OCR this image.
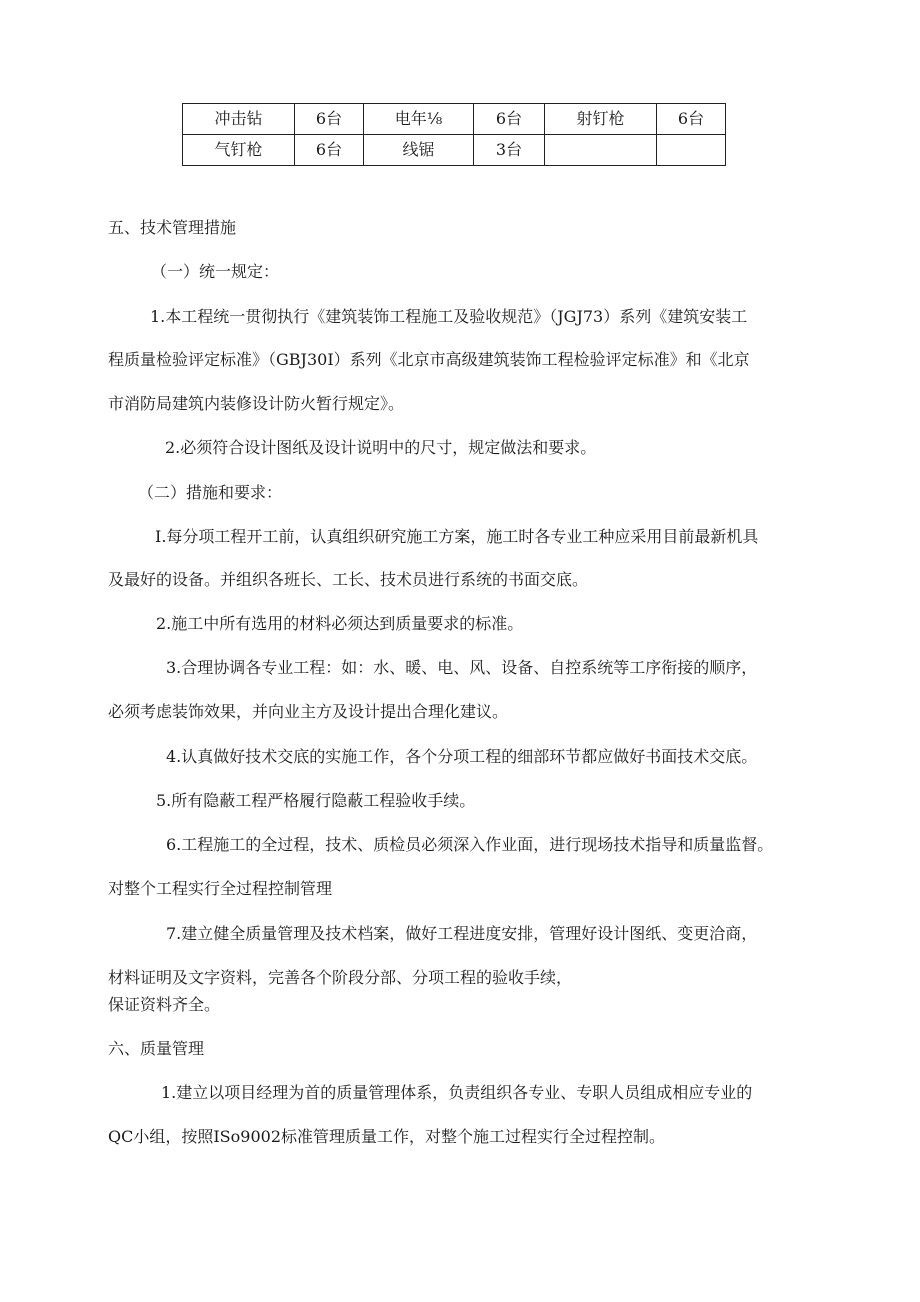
冲击钻	6台	电年⅛	6台	射钉枪	6台
气钉枪	6台	线锯	3台		

五、技术管理措施

（一）统一规定：

1.本工程统一贯彻执行《建筑装饰工程施工及验收规范》（JGJ73）系列《建筑安装工

程质量检验评定标准》（GBJ30I）系列《北京市高级建筑装饰工程检验评定标准》和《北京

市消防局建筑内装修设计防火暂行规定》。

2.必须符合设计图纸及设计说明中的尺寸，规定做法和要求。

（二）措施和要求：

I.每分项工程开工前，认真组织研究施工方案，施工时各专业工种应采用目前最新机具

及最好的设备。并组织各班长、工长、技术员进行系统的书面交底。

2.施工中所有选用的材料必须达到质量要求的标准。

3.合理协调各专业工程：如：水、暖、电、风、设备、自控系统等工序衔接的顺序，

必须考虑装饰效果，并向业主方及设计提出合理化建议。

4.认真做好技术交底的实施工作，各个分项工程的细部环节都应做好书面技术交底。

5.所有隐蔽工程严格履行隐蔽工程验收手续。

6.工程施工的全过程，技术、质检员必须深入作业面，进行现场技术指导和质量监督。

对整个工程实行全过程控制管理

7.建立健全质量管理及技术档案，做好工程进度安排，管理好设计图纸、变更洽商，

材料证明及文字资料，完善各个阶段分部、分项工程的验收手续，

保证资料齐全。

六、质量管理

1.建立以项目经理为首的质量管理体系，负责组织各专业、专职人员组成相应专业的

QC小组，按照ISo9002标准管理质量工作，对整个施工过程实行全过程控制。
